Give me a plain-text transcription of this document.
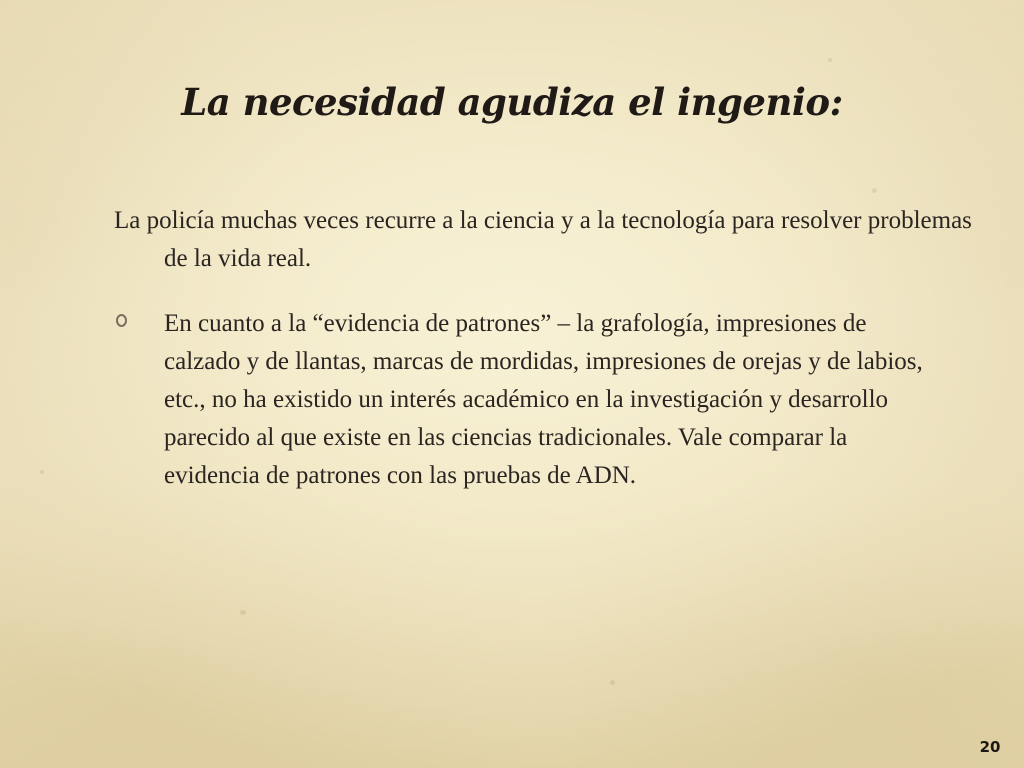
La necesidad agudiza el ingenio:

La policía muchas veces recurre a la ciencia y a la tecnología para resolver problemas de la vida real.

En cuanto a la “evidencia de patrones” – la grafología, impresiones de calzado y de llantas, marcas de mordidas, impresiones de orejas y de labios, etc., no ha existido un interés académico en la investigación y desarrollo parecido al que existe en las ciencias tradicionales. Vale comparar la evidencia de patrones con las pruebas de ADN.

20
